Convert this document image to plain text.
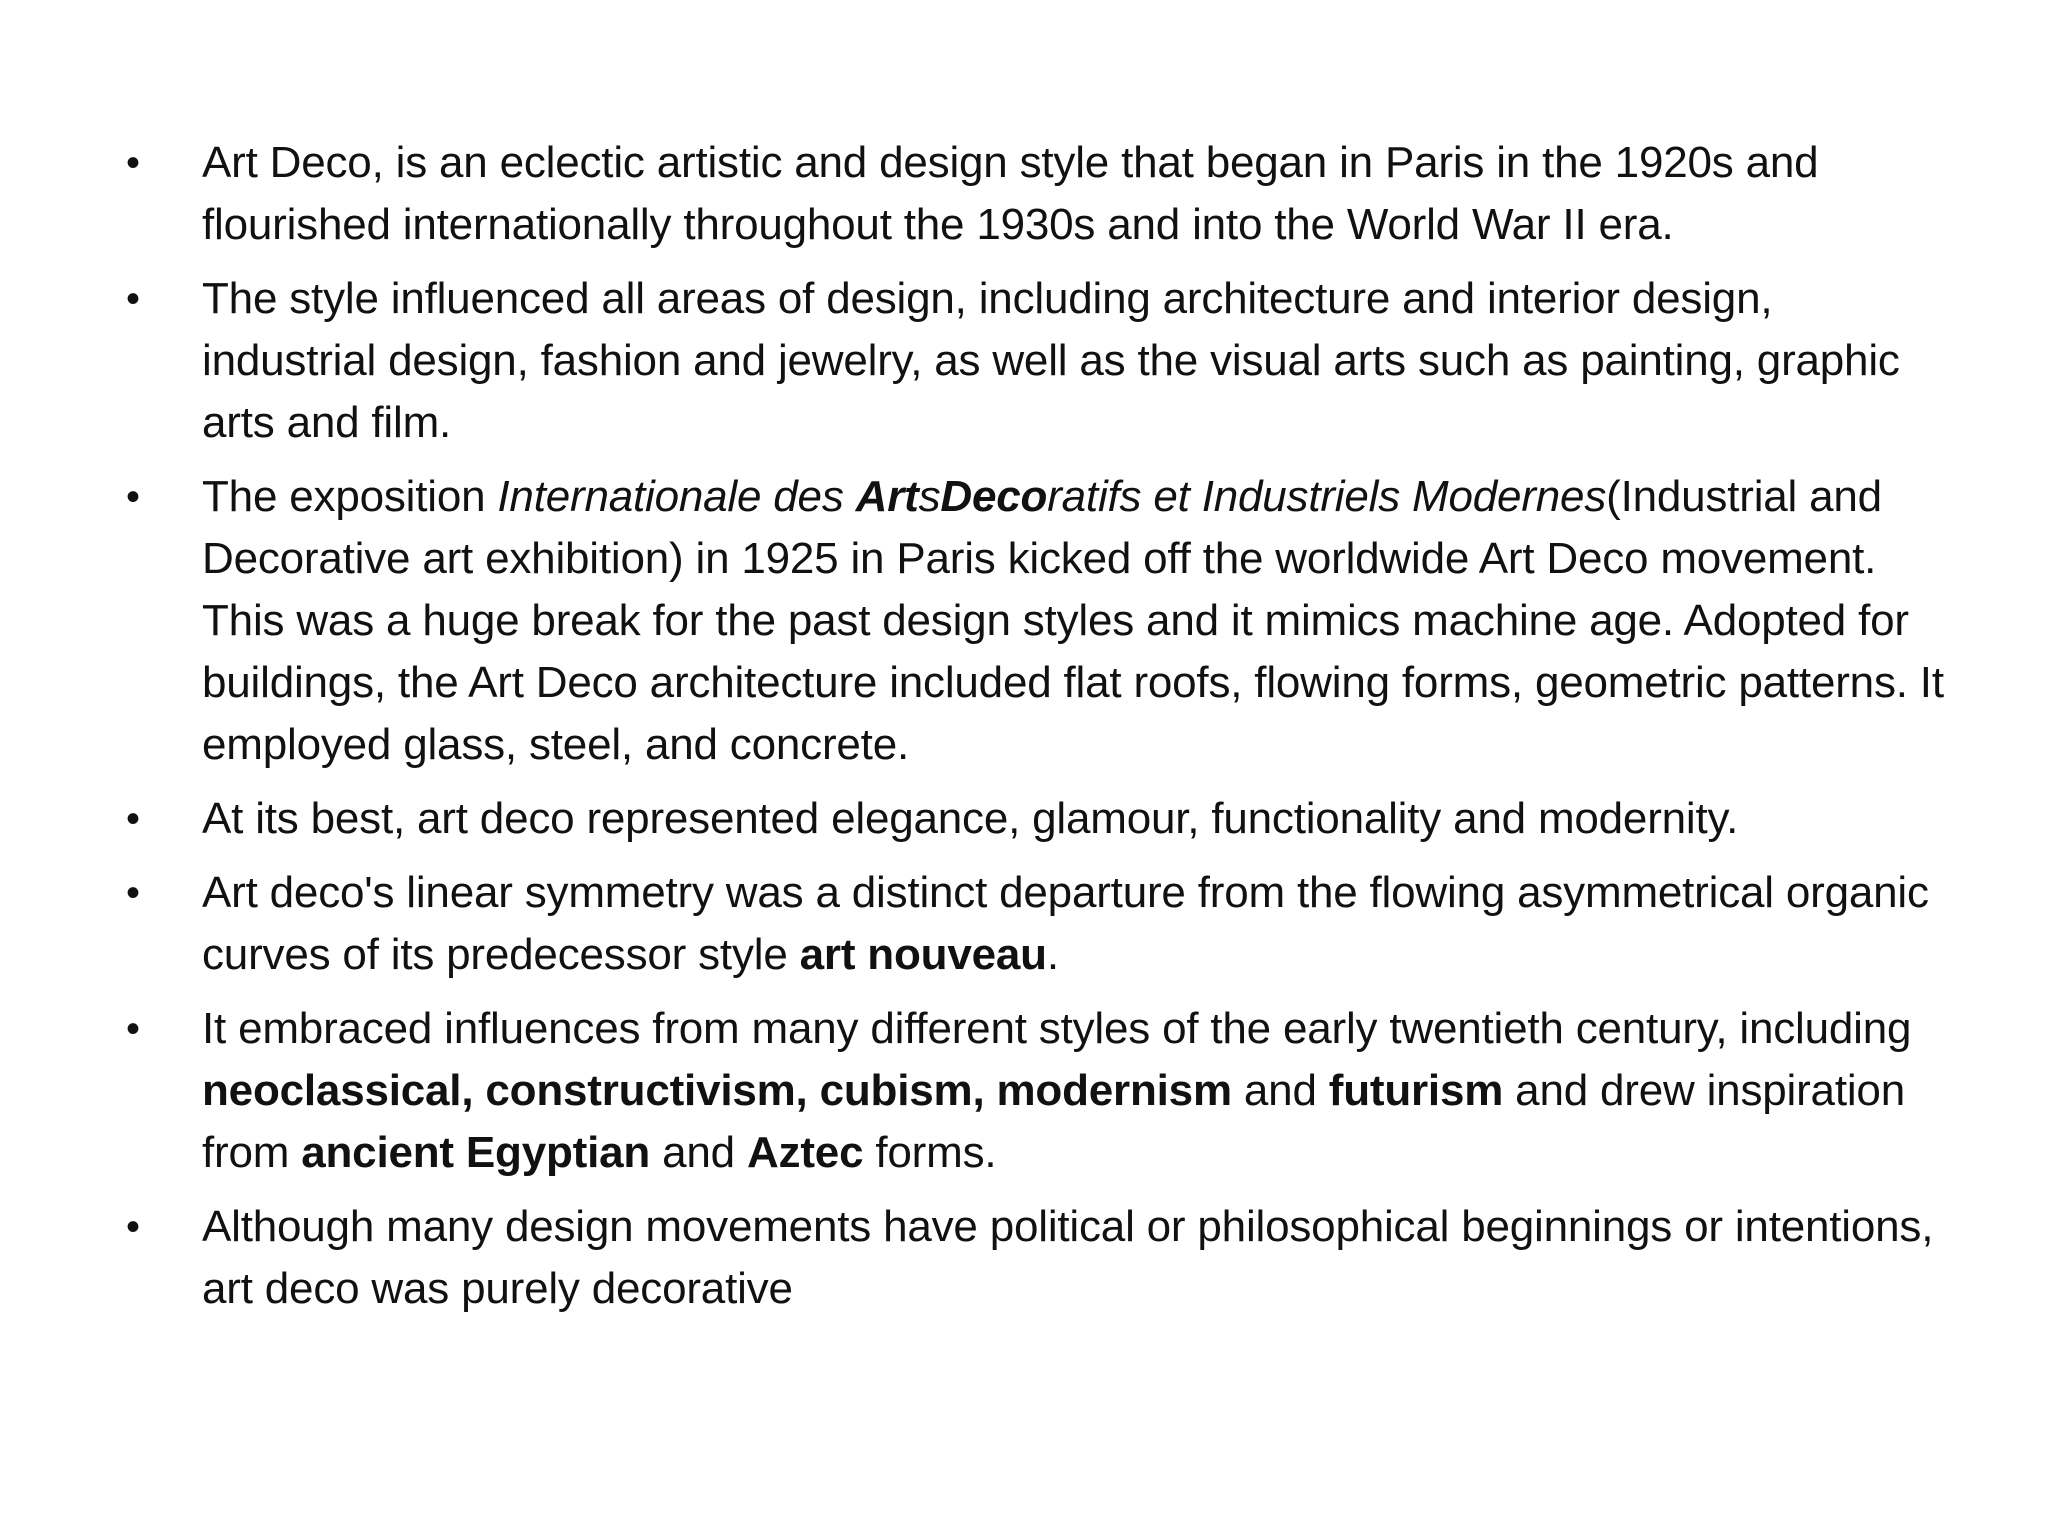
• Art Deco, is an eclectic artistic and design style that began in Paris in the 1920s and flourished internationally throughout the 1930s and into the World War II era.
• The style influenced all areas of design, including architecture and interior design, industrial design, fashion and jewelry, as well as the visual arts such as painting, graphic arts and film.
• The exposition Internationale des ArtsDecoratifs et Industriels Modernes(Industrial and Decorative art exhibition) in 1925 in Paris kicked off the worldwide Art Deco movement. This was a huge break for the past design styles and it mimics machine age. Adopted for buildings, the Art Deco architecture included flat roofs, flowing forms, geometric patterns. It employed glass, steel, and concrete.
• At its best, art deco represented elegance, glamour, functionality and modernity.
• Art deco's linear symmetry was a distinct departure from the flowing asymmetrical organic curves of its predecessor style art nouveau.
• It embraced influences from many different styles of the early twentieth century, including neoclassical, constructivism, cubism, modernism and futurism and drew inspiration from ancient Egyptian and Aztec forms.
• Although many design movements have political or philosophical beginnings or intentions, art deco was purely decorative
